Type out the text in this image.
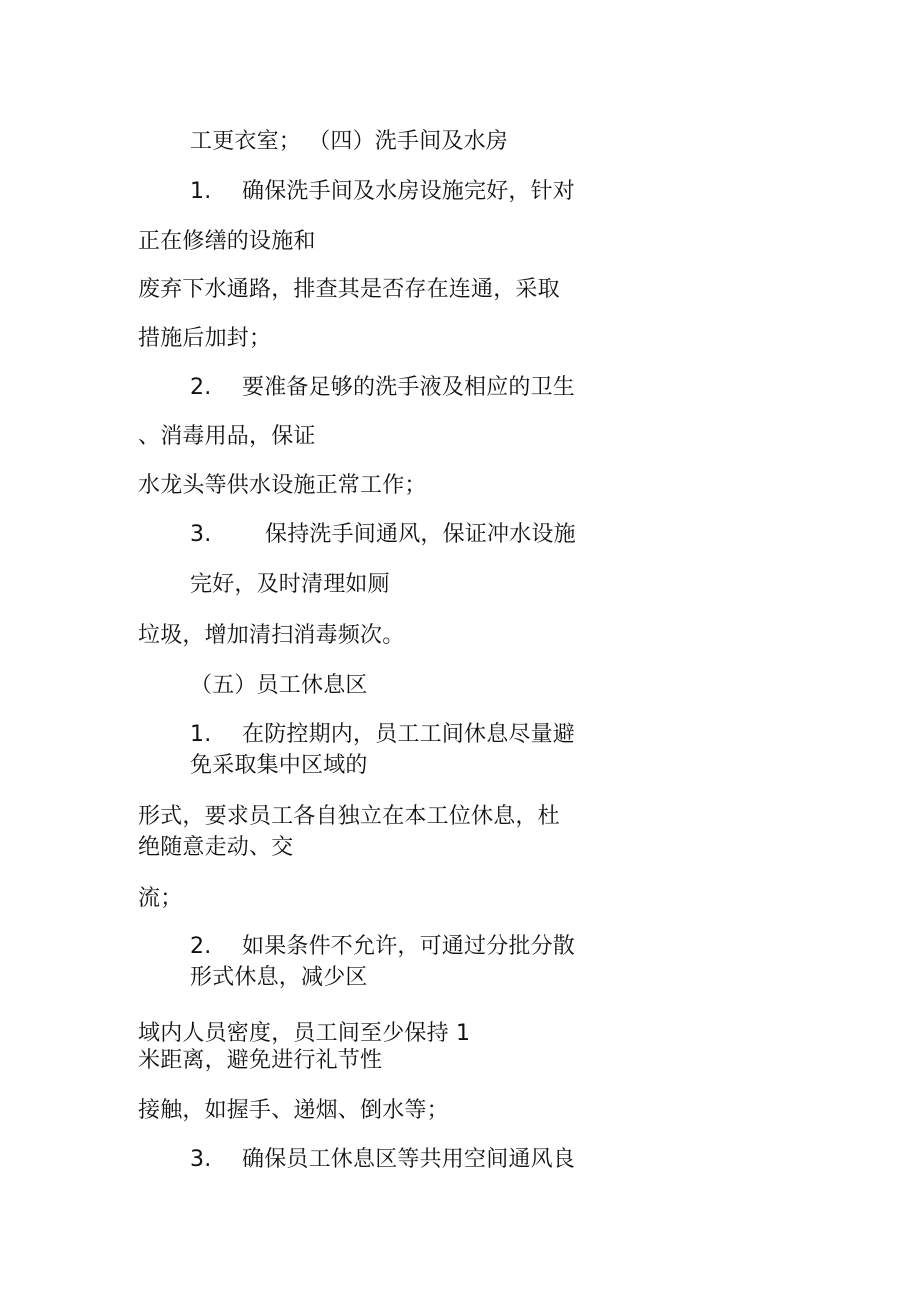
工更衣室； （四）洗手间及水房

1. 确保洗手间及水房设施完好，针对

正在修缮的设施和

废弃下水通路，排查其是否存在连通，采取

措施后加封；

2. 要准备足够的洗手液及相应的卫生

、消毒用品，保证

水龙头等供水设施正常工作；

3. 保持洗手间通风，保证冲水设施

完好，及时清理如厕

垃圾，增加清扫消毒频次。

（五）员工休息区

1. 在防控期内，员工工间休息尽量避

免采取集中区域的

形式，要求员工各自独立在本工位休息，杜

绝随意走动、交

流；

2. 如果条件不允许，可通过分批分散

形式休息，减少区

域内人员密度，员工间至少保持 1

米距离，避免进行礼节性

接触，如握手、递烟、倒水等；

3. 确保员工休息区等共用空间通风良
